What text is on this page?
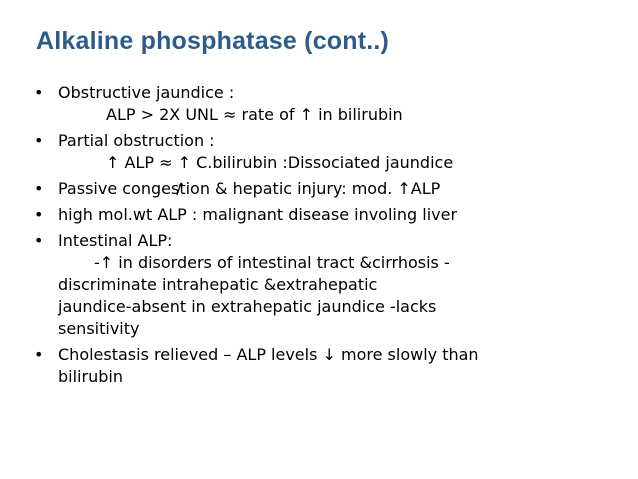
Alkaline phosphatase (cont..)
• Obstructive jaundice :
ALP > 2X UNL ≈ rate of ↑ in bilirubin
• Partial obstruction :
↑ ALP ≈ ↑ C.bilirubin :Dissociated jaundice
• Passive congestion & hepatic injury: mod. ↑ALP
• high mol.wt ALP : malignant disease involing liver
• Intestinal ALP:
-↑ in disorders of intestinal tract &cirrhosis -
discriminate intrahepatic &extrahepatic
jaundice-absent in extrahepatic jaundice -lacks
sensitivity
• Cholestasis relieved – ALP levels ↓ more slowly than
bilirubin
